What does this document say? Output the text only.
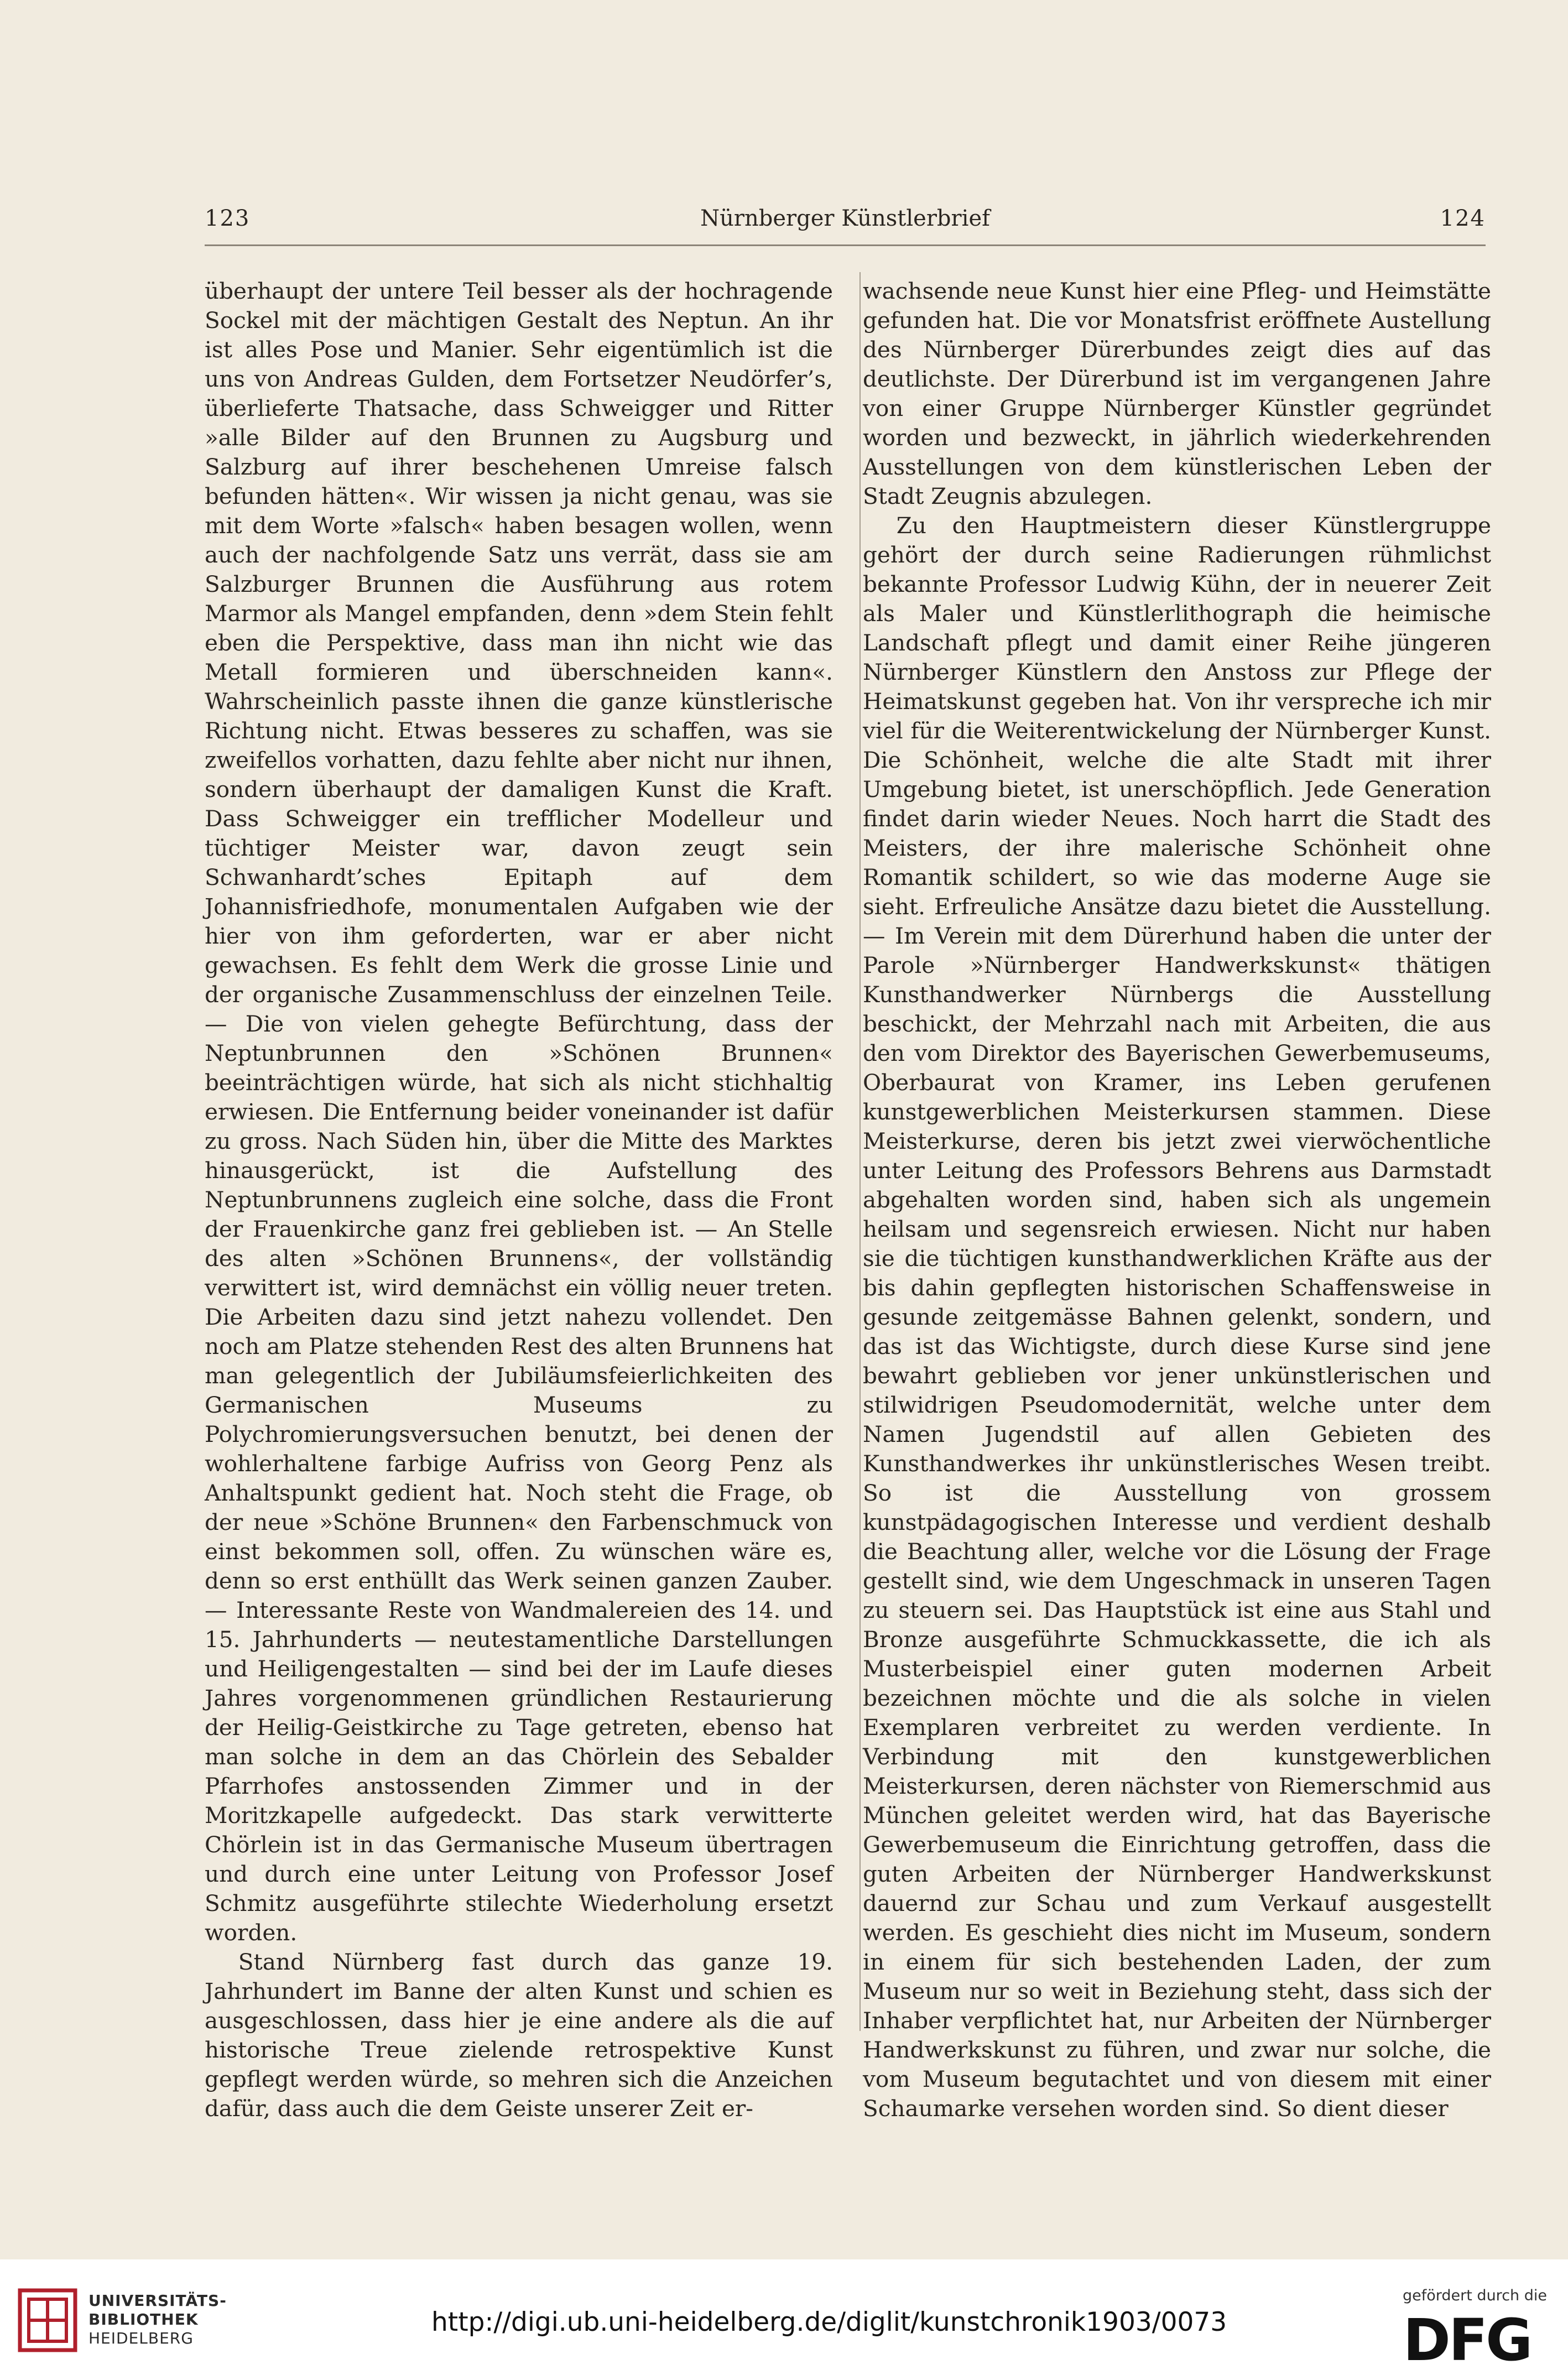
123	Nürnberger Künstlerbrief	124

überhaupt der untere Teil besser als der hochragende Sockel mit der mächtigen Gestalt des Neptun. An ihr ist alles Pose und Manier. Sehr eigentümlich ist die uns von Andreas Gulden, dem Fortsetzer Neudörfer’s, überlieferte Thatsache, dass Schweigger und Ritter »alle Bilder auf den Brunnen zu Augsburg und Salzburg auf ihrer beschehenen Umreise falsch befunden hätten«. Wir wissen ja nicht genau, was sie mit dem Worte »falsch« haben besagen wollen, wenn auch der nachfolgende Satz uns verrät, dass sie am Salzburger Brunnen die Ausführung aus rotem Marmor als Mangel empfanden, denn »dem Stein fehlt eben die Perspektive, dass man ihn nicht wie das Metall formieren und überschneiden kann«. Wahrscheinlich passte ihnen die ganze künstlerische Richtung nicht. Etwas besseres zu schaffen, was sie zweifellos vorhatten, dazu fehlte aber nicht nur ihnen, sondern überhaupt der damaligen Kunst die Kraft. Dass Schweigger ein trefflicher Modelleur und tüchtiger Meister war, davon zeugt sein Schwanhardt’sches Epitaph auf dem Johannisfriedhofe, monumentalen Aufgaben wie der hier von ihm geforderten, war er aber nicht gewachsen. Es fehlt dem Werk die grosse Linie und der organische Zusammenschluss der einzelnen Teile. — Die von vielen gehegte Befürchtung, dass der Neptunbrunnen den »Schönen Brunnen« beeinträchtigen würde, hat sich als nicht stichhaltig erwiesen. Die Entfernung beider voneinander ist dafür zu gross. Nach Süden hin, über die Mitte des Marktes hinausgerückt, ist die Aufstellung des Neptunbrunnens zugleich eine solche, dass die Front der Frauenkirche ganz frei geblieben ist. — An Stelle des alten »Schönen Brunnens«, der vollständig verwittert ist, wird demnächst ein völlig neuer treten. Die Arbeiten dazu sind jetzt nahezu vollendet. Den noch am Platze stehenden Rest des alten Brunnens hat man gelegentlich der Jubiläumsfeierlichkeiten des Germanischen Museums zu Polychromierungsversuchen benutzt, bei denen der wohlerhaltene farbige Aufriss von Georg Penz als Anhaltspunkt gedient hat. Noch steht die Frage, ob der neue »Schöne Brunnen« den Farbenschmuck von einst bekommen soll, offen. Zu wünschen wäre es, denn so erst enthüllt das Werk seinen ganzen Zauber. — Interessante Reste von Wandmalereien des 14. und 15. Jahrhunderts — neutestamentliche Darstellungen und Heiligengestalten — sind bei der im Laufe dieses Jahres vorgenommenen gründlichen Restaurierung der Heilig-Geistkirche zu Tage getreten, ebenso hat man solche in dem an das Chörlein des Sebalder Pfarrhofes anstossenden Zimmer und in der Moritzkapelle aufgedeckt. Das stark verwitterte Chörlein ist in das Germanische Museum übertragen und durch eine unter Leitung von Professor Josef Schmitz ausgeführte stilechte Wiederholung ersetzt worden.

Stand Nürnberg fast durch das ganze 19. Jahrhundert im Banne der alten Kunst und schien es ausgeschlossen, dass hier je eine andere als die auf historische Treue zielende retrospektive Kunst gepflegt werden würde, so mehren sich die Anzeichen dafür, dass auch die dem Geiste unserer Zeit er-

wachsende neue Kunst hier eine Pfleg- und Heimstätte gefunden hat. Die vor Monatsfrist eröffnete Austellung des Nürnberger Dürerbundes zeigt dies auf das deutlichste. Der Dürerbund ist im vergangenen Jahre von einer Gruppe Nürnberger Künstler gegründet worden und bezweckt, in jährlich wiederkehrenden Ausstellungen von dem künstlerischen Leben der Stadt Zeugnis abzulegen.

Zu den Hauptmeistern dieser Künstlergruppe gehört der durch seine Radierungen rühmlichst bekannte Professor Ludwig Kühn, der in neuerer Zeit als Maler und Künstlerlithograph die heimische Landschaft pflegt und damit einer Reihe jüngeren Nürnberger Künstlern den Anstoss zur Pflege der Heimatskunst gegeben hat. Von ihr verspreche ich mir viel für die Weiterentwickelung der Nürnberger Kunst. Die Schönheit, welche die alte Stadt mit ihrer Umgebung bietet, ist unerschöpflich. Jede Generation findet darin wieder Neues. Noch harrt die Stadt des Meisters, der ihre malerische Schönheit ohne Romantik schildert, so wie das moderne Auge sie sieht. Erfreuliche Ansätze dazu bietet die Ausstellung. — Im Verein mit dem Dürerhund haben die unter der Parole »Nürnberger Handwerkskunst« thätigen Kunsthandwerker Nürnbergs die Ausstellung beschickt, der Mehrzahl nach mit Arbeiten, die aus den vom Direktor des Bayerischen Gewerbemuseums, Oberbaurat von Kramer, ins Leben gerufenen kunstgewerblichen Meisterkursen stammen. Diese Meisterkurse, deren bis jetzt zwei vierwöchentliche unter Leitung des Professors Behrens aus Darmstadt abgehalten worden sind, haben sich als ungemein heilsam und segensreich erwiesen. Nicht nur haben sie die tüchtigen kunsthandwerklichen Kräfte aus der bis dahin gepflegten historischen Schaffensweise in gesunde zeitgemässe Bahnen gelenkt, sondern, und das ist das Wichtigste, durch diese Kurse sind jene bewahrt geblieben vor jener unkünstlerischen und stilwidrigen Pseudomodernität, welche unter dem Namen Jugendstil auf allen Gebieten des Kunsthandwerkes ihr unkünstlerisches Wesen treibt. So ist die Ausstellung von grossem kunstpädagogischen Interesse und verdient deshalb die Beachtung aller, welche vor die Lösung der Frage gestellt sind, wie dem Ungeschmack in unseren Tagen zu steuern sei. Das Hauptstück ist eine aus Stahl und Bronze ausgeführte Schmuckkassette, die ich als Musterbeispiel einer guten modernen Arbeit bezeichnen möchte und die als solche in vielen Exemplaren verbreitet zu werden verdiente. In Verbindung mit den kunstgewerblichen Meisterkursen, deren nächster von Riemerschmid aus München geleitet werden wird, hat das Bayerische Gewerbemuseum die Einrichtung getroffen, dass die guten Arbeiten der Nürnberger Handwerkskunst dauernd zur Schau und zum Verkauf ausgestellt werden. Es geschieht dies nicht im Museum, sondern in einem für sich bestehenden Laden, der zum Museum nur so weit in Beziehung steht, dass sich der Inhaber verpflichtet hat, nur Arbeiten der Nürnberger Handwerkskunst zu führen, und zwar nur solche, die vom Museum begutachtet und von diesem mit einer Schaumarke versehen worden sind. So dient dieser

UNIVERSITÄTS-
BIBLIOTHEK
HEIDELBERG
http://digi.ub.uni-heidelberg.de/diglit/kunstchronik1903/0073
gefördert durch die
DFG
